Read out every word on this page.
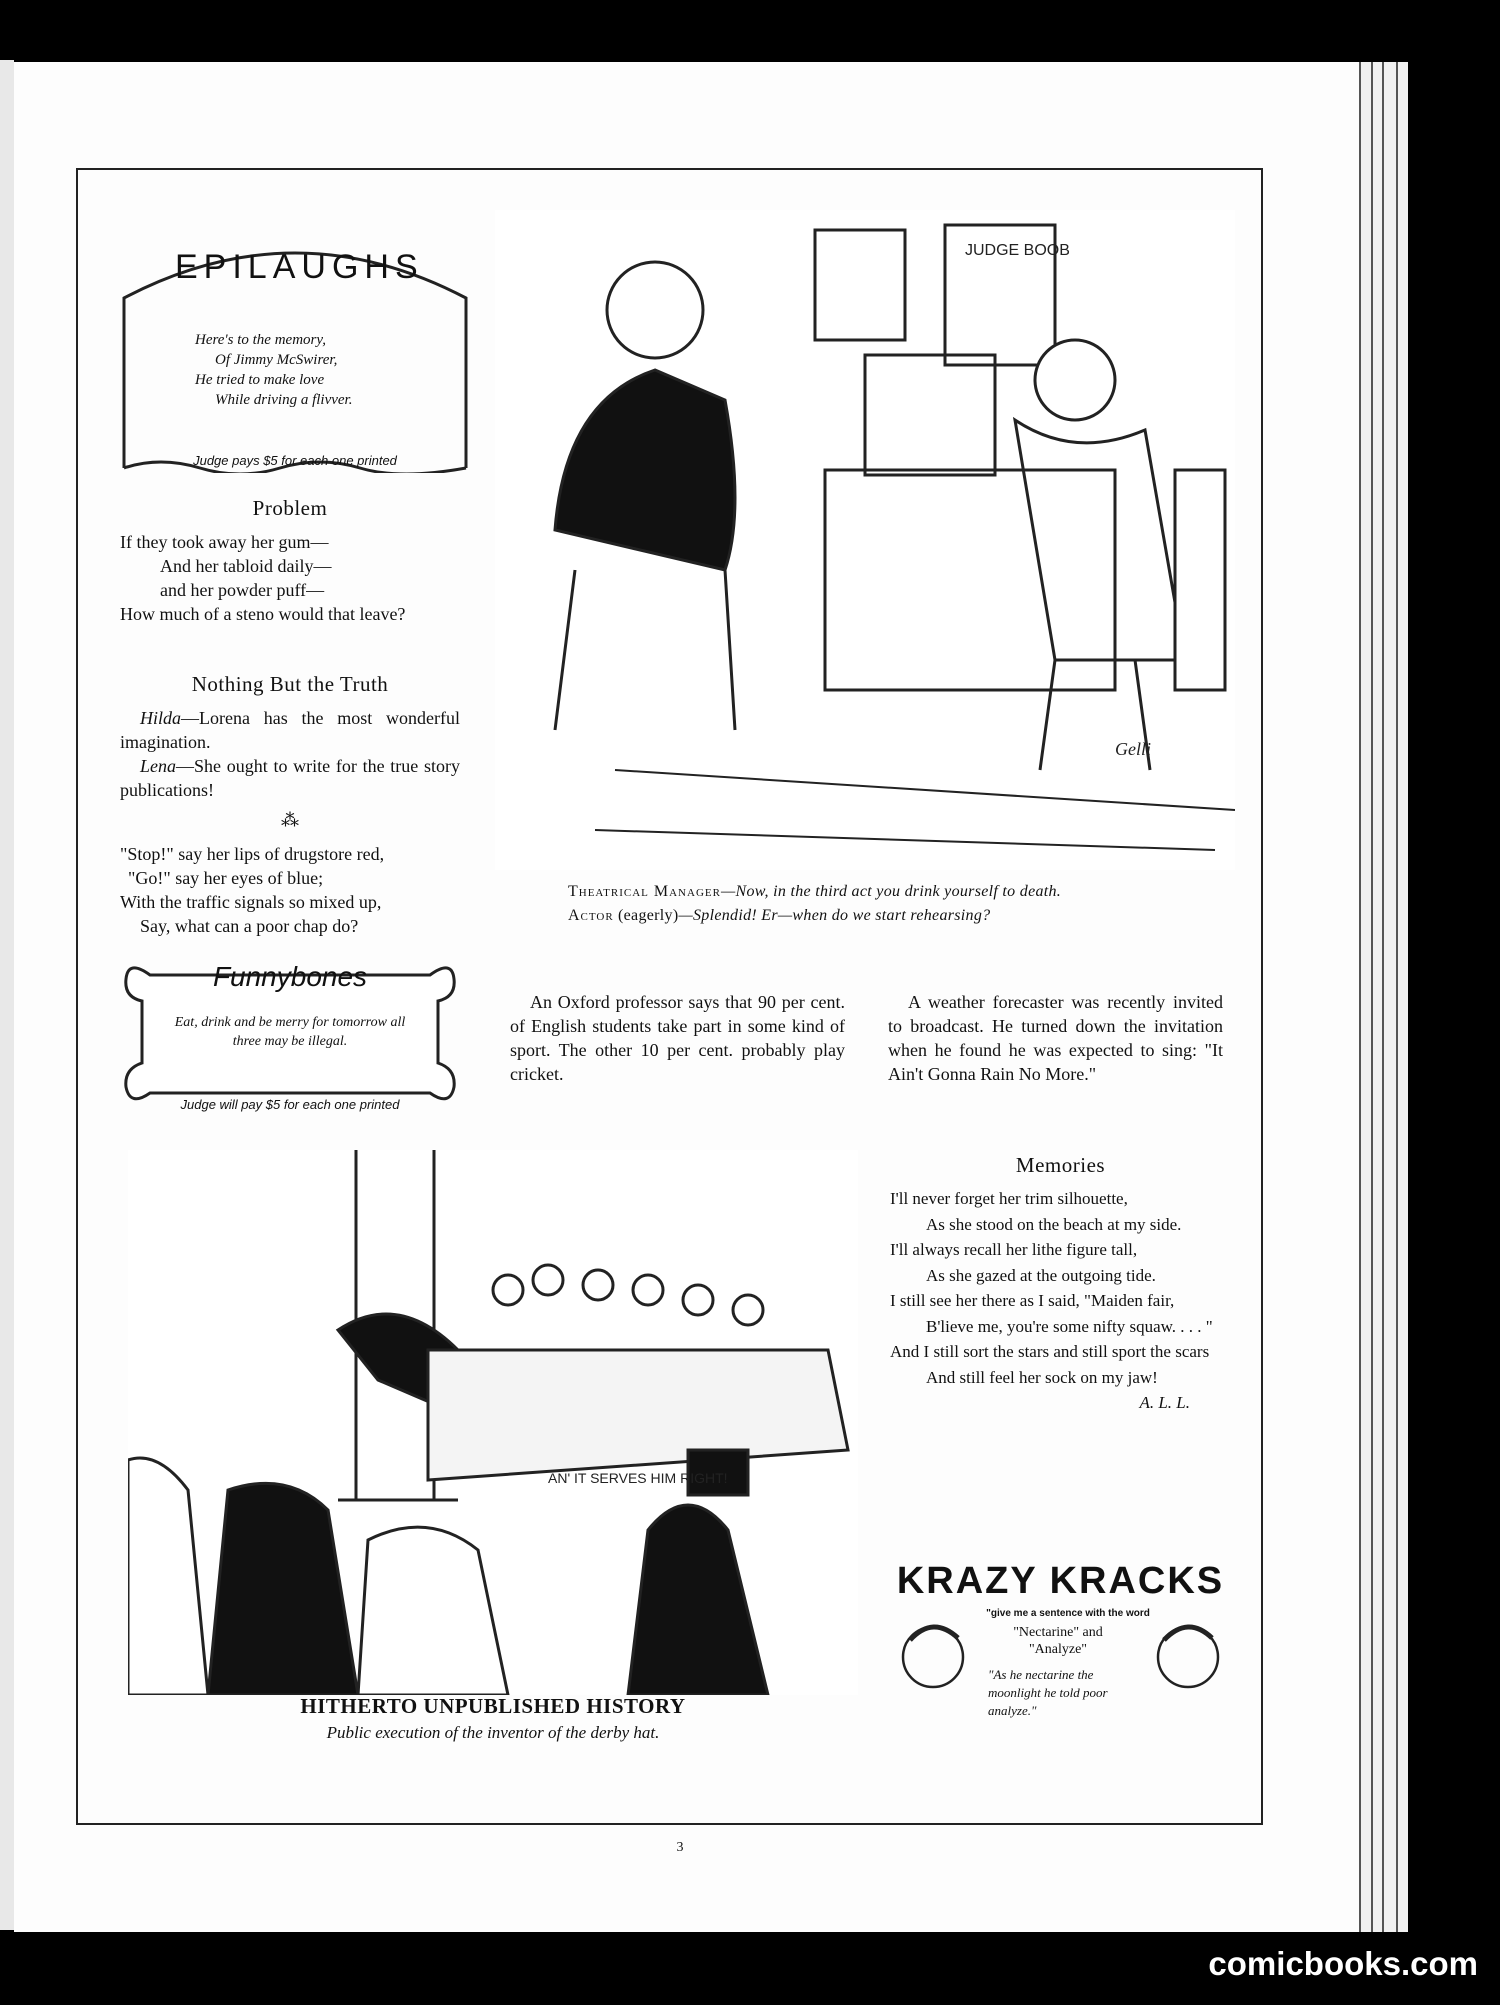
EPILAUGHS
Here's to the memory,
Of Jimmy McSwirer,
He tried to make love
While driving a flivver.
Judge pays $5 for each one printed
Problem
If they took away her gum—
And her tabloid daily—
and her powder puff—
How much of a steno would that leave?
Nothing But the Truth
Hilda—Lorena has the most wonderful imagination.
Lena—She ought to write for the true story publications!
⁂
"Stop!" say her lips of drugstore red,
"Go!" say her eyes of blue;
With the traffic signals so mixed up,
Say, what can a poor chap do?
Funnybones
Eat, drink and be merry for tomorrow all three may be illegal.
Judge will pay $5 for each one printed
JUDGE BOOB
Gelli
Theatrical Manager—Now, in the third act you drink yourself to death.
Actor (eagerly)—Splendid! Er—when do we start rehearsing?
An Oxford professor says that 90 per cent. of English students take part in some kind of sport. The other 10 per cent. probably play cricket.
A weather forecaster was recently invited to broadcast. He turned down the invitation when he found he was expected to sing: "It Ain't Gonna Rain No More."
AN' IT SERVES HIM RIGHT!
HITHERTO UNPUBLISHED HISTORY
Public execution of the inventor of the derby hat.
Memories
I'll never forget her trim silhouette,
As she stood on the beach at my side.
I'll always recall her lithe figure tall,
As she gazed at the outgoing tide.
I still see her there as I said, "Maiden fair,
B'lieve me, you're some nifty squaw. . . . "
And I still sort the stars and still sport the scars
And still feel her sock on my jaw!
A. L. L.
KRAZY KRACKS
"give me a sentence with the word
"Nectarine" and "Analyze"
"As he nectarine the moonlight he told poor analyze."
3
comicbooks.com
